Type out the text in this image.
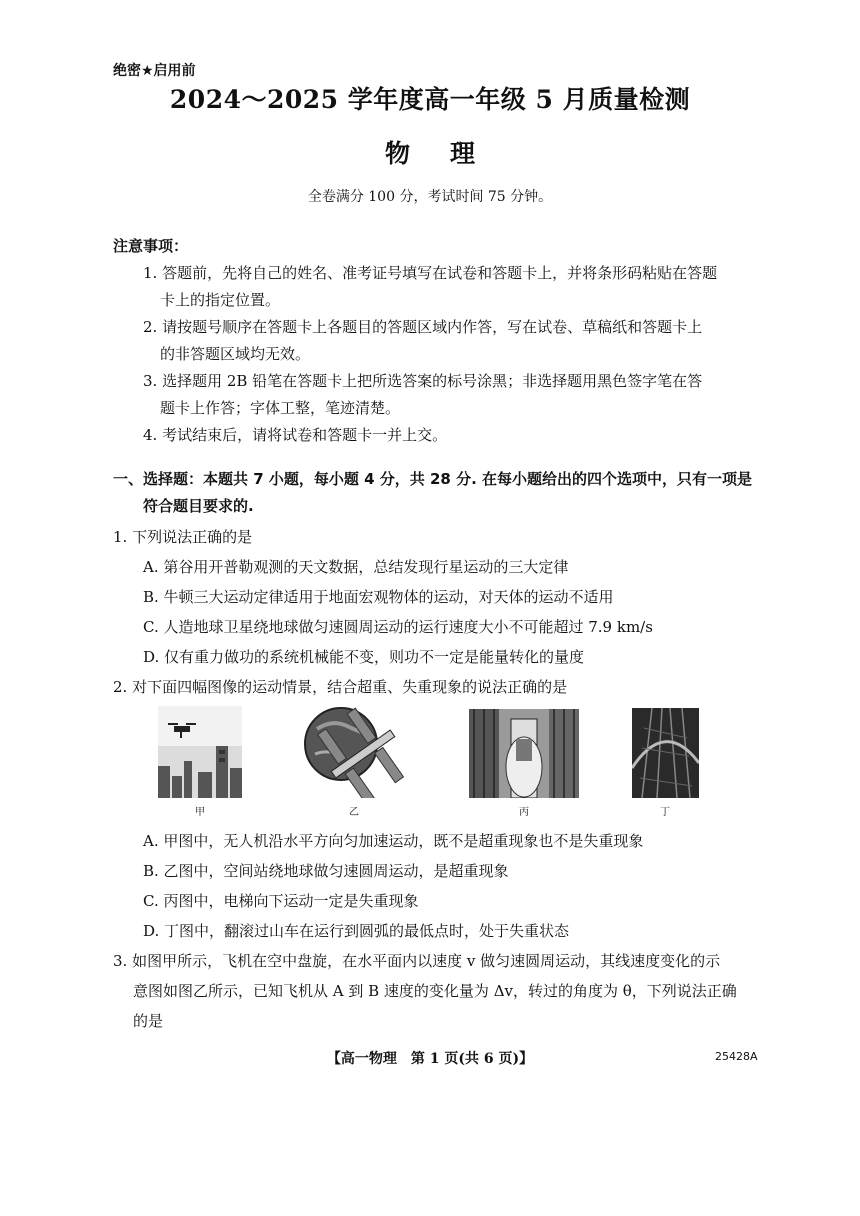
绝密★启用前
2024～2025 学年度高一年级 5 月质量检测
物理
全卷满分 100 分，考试时间 75 分钟。
注意事项：
1. 答题前，先将自己的姓名、准考证号填写在试卷和答题卡上，并将条形码粘贴在答题
卡上的指定位置。
2. 请按题号顺序在答题卡上各题目的答题区域内作答，写在试卷、草稿纸和答题卡上
的非答题区域均无效。
3. 选择题用 2B 铅笔在答题卡上把所选答案的标号涂黑；非选择题用黑色签字笔在答
题卡上作答；字体工整，笔迹清楚。
4. 考试结束后，请将试卷和答题卡一并上交。
一、选择题：本题共 7 小题，每小题 4 分，共 28 分. 在每小题给出的四个选项中，只有一项是
符合题目要求的.
1. 下列说法正确的是
A. 第谷用开普勒观测的天文数据，总结发现行星运动的三大定律
B. 牛顿三大运动定律适用于地面宏观物体的运动，对天体的运动不适用
C. 人造地球卫星绕地球做匀速圆周运动的运行速度大小不可能超过 7.9 km/s
D. 仅有重力做功的系统机械能不变，则功不一定是能量转化的量度
2. 对下面四幅图像的运动情景，结合超重、失重现象的说法正确的是
甲	乙	丙	丁
A. 甲图中，无人机沿水平方向匀加速运动，既不是超重现象也不是失重现象
B. 乙图中，空间站绕地球做匀速圆周运动，是超重现象
C. 丙图中，电梯向下运动一定是失重现象
D. 丁图中，翻滚过山车在运行到圆弧的最低点时，处于失重状态
3. 如图甲所示，飞机在空中盘旋，在水平面内以速度 v 做匀速圆周运动，其线速度变化的示
意图如图乙所示，已知飞机从 A 到 B 速度的变化量为 Δv，转过的角度为 θ，下列说法正确
的是
【高一物理　第 1 页(共 6 页)】	25428A
